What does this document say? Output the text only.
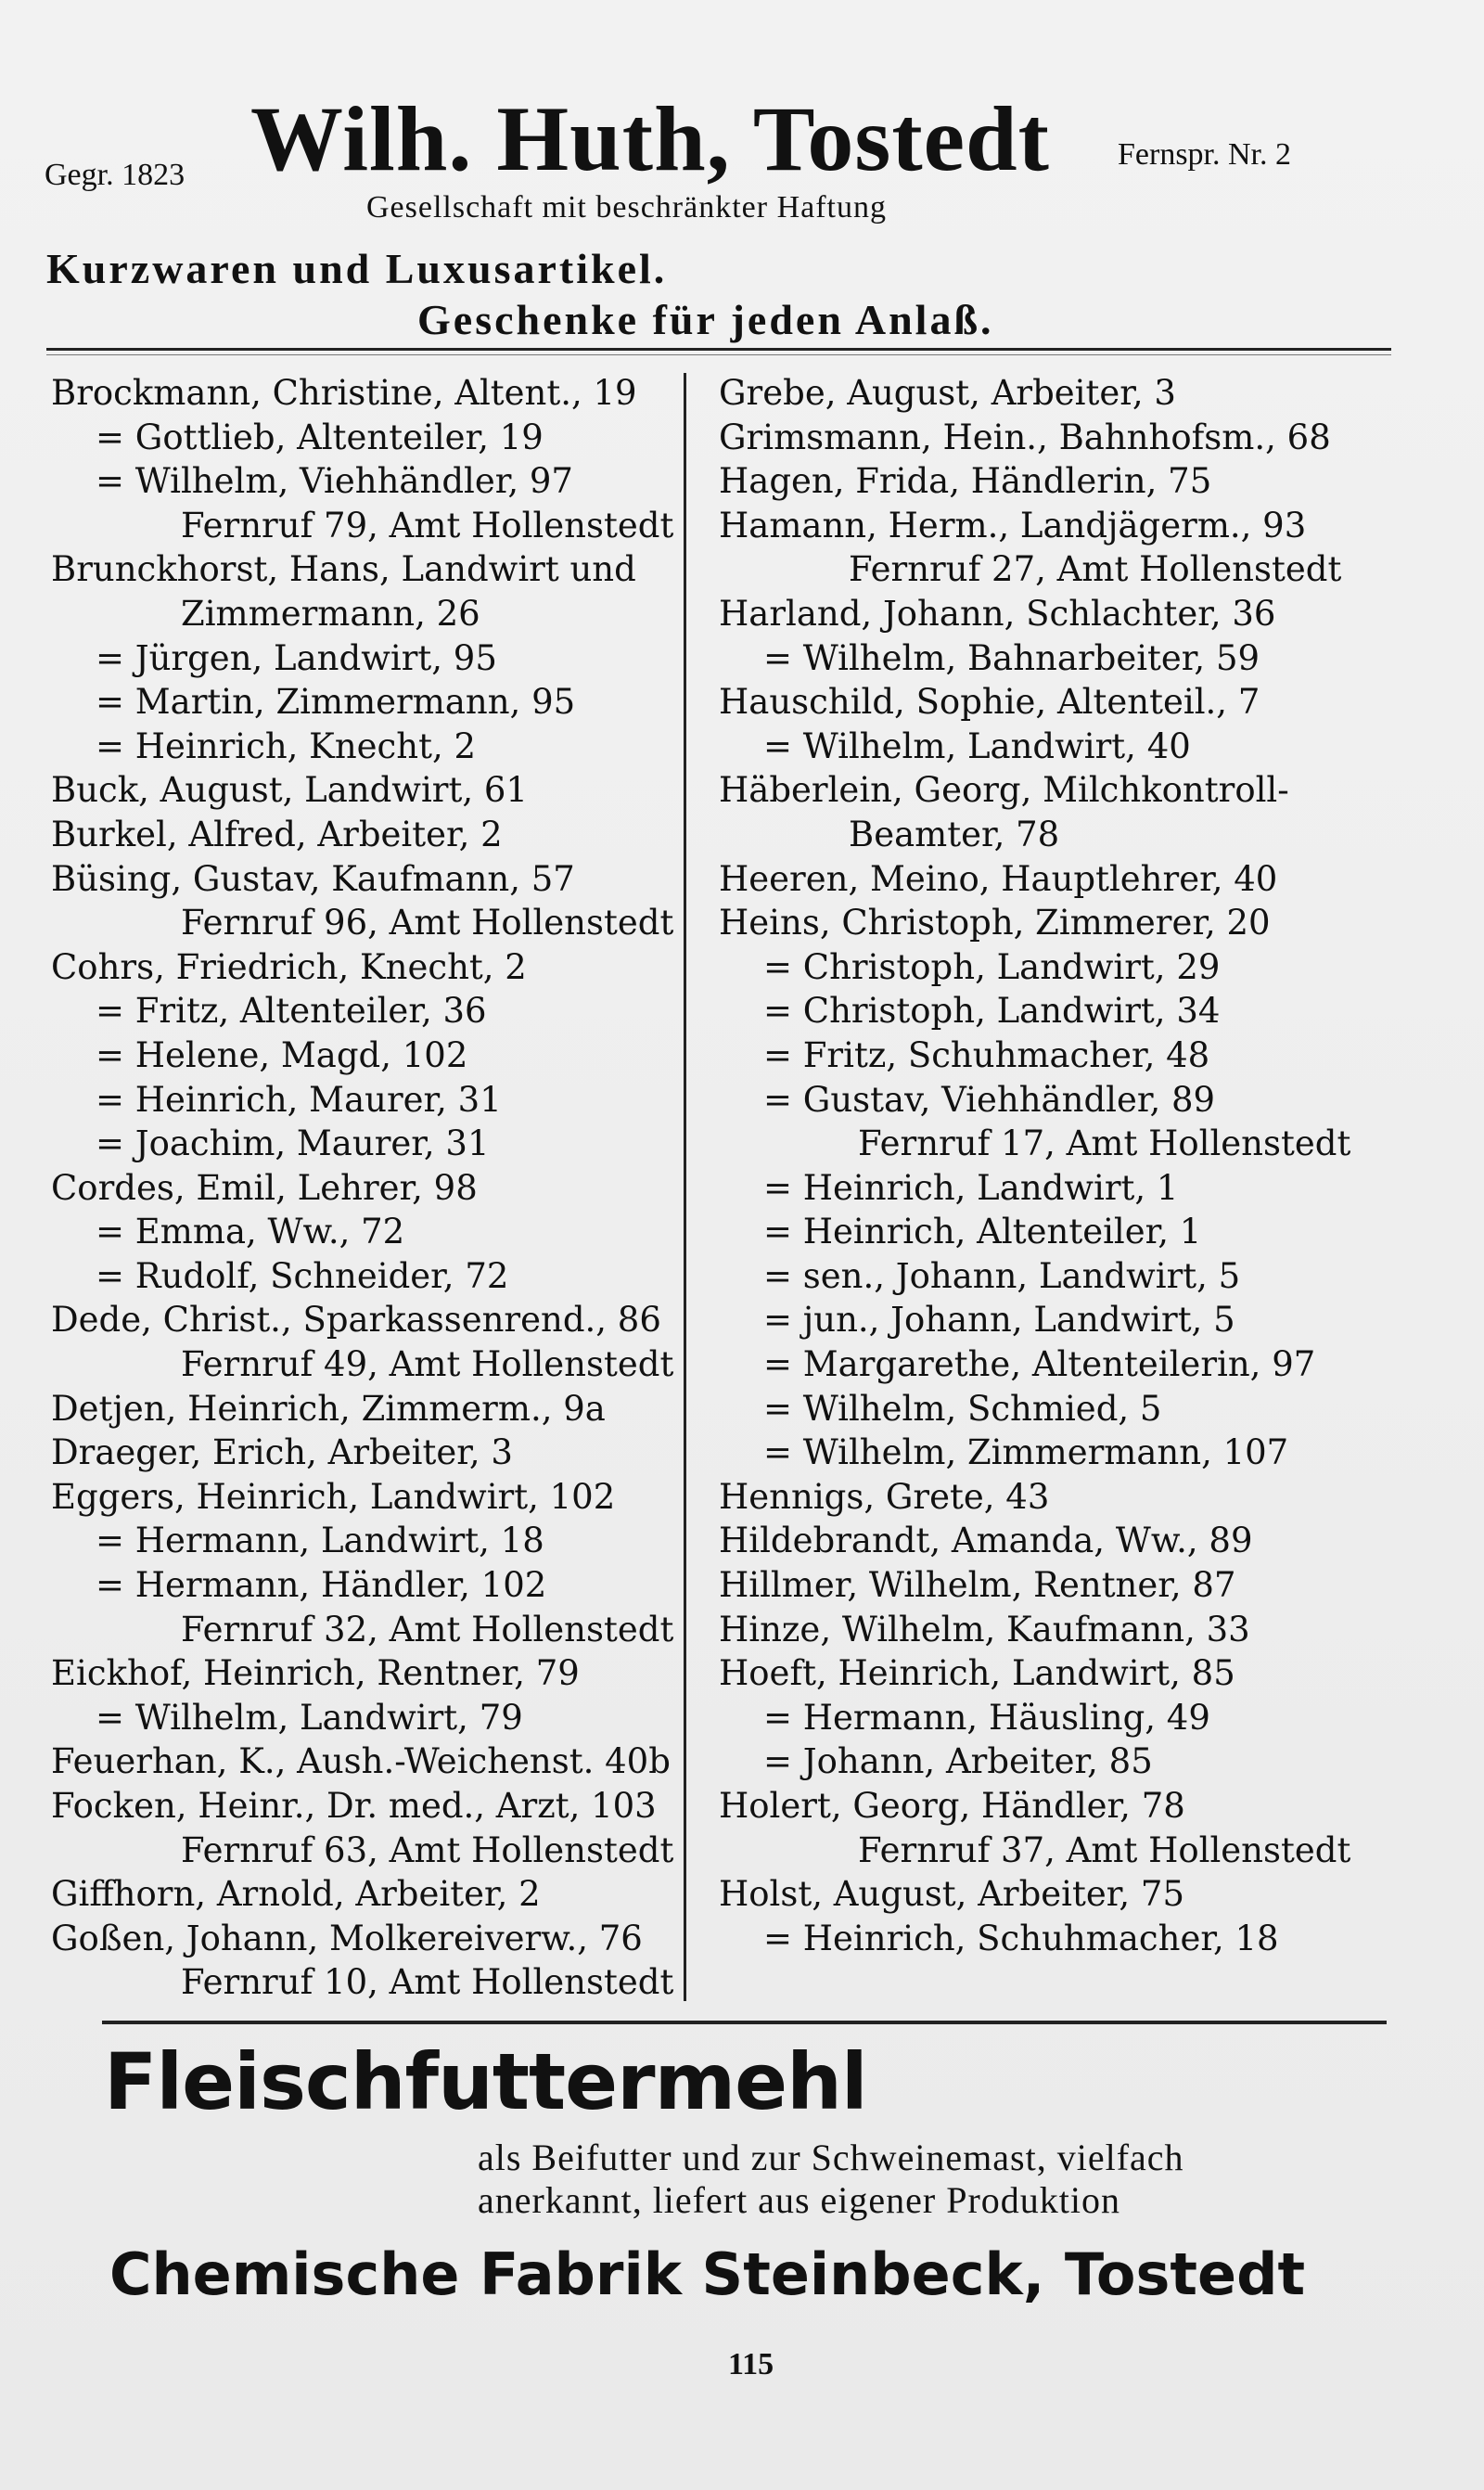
Gegr. 1823 Wilh. Huth, Tostedt Fernspr. Nr. 2
Gesellschaft mit beschränkter Haftung
Kurzwaren und Luxusartikel.
Geschenke für jeden Anlaß.
Brockmann, Christine, Altent., 19
= Gottlieb, Altenteiler, 19
= Wilhelm, Viehhändler, 97
Fernruf 79, Amt Hollenstedt
Brunckhorst, Hans, Landwirt und
Zimmermann, 26
= Jürgen, Landwirt, 95
= Martin, Zimmermann, 95
= Heinrich, Knecht, 2
Buck, August, Landwirt, 61
Burkel, Alfred, Arbeiter, 2
Büsing, Gustav, Kaufmann, 57
Fernruf 96, Amt Hollenstedt
Cohrs, Friedrich, Knecht, 2
= Fritz, Altenteiler, 36
= Helene, Magd, 102
= Heinrich, Maurer, 31
= Joachim, Maurer, 31
Cordes, Emil, Lehrer, 98
= Emma, Ww., 72
= Rudolf, Schneider, 72
Dede, Christ., Sparkassenrend., 86
Fernruf 49, Amt Hollenstedt
Detjen, Heinrich, Zimmerm., 9a
Draeger, Erich, Arbeiter, 3
Eggers, Heinrich, Landwirt, 102
= Hermann, Landwirt, 18
= Hermann, Händler, 102
Fernruf 32, Amt Hollenstedt
Eickhof, Heinrich, Rentner, 79
= Wilhelm, Landwirt, 79
Feuerhan, K., Aush.-Weichenst. 40b
Focken, Heinr., Dr. med., Arzt, 103
Fernruf 63, Amt Hollenstedt
Giffhorn, Arnold, Arbeiter, 2
Goßen, Johann, Molkereiverw., 76
Fernruf 10, Amt Hollenstedt
Grebe, August, Arbeiter, 3
Grimsmann, Hein., Bahnhofsm., 68
Hagen, Frida, Händlerin, 75
Hamann, Herm., Landjägerm., 93
Fernruf 27, Amt Hollenstedt
Harland, Johann, Schlachter, 36
= Wilhelm, Bahnarbeiter, 59
Hauschild, Sophie, Altenteil., 7
= Wilhelm, Landwirt, 40
Häberlein, Georg, Milchkontroll-
Beamter, 78
Heeren, Meino, Hauptlehrer, 40
Heins, Christoph, Zimmerer, 20
= Christoph, Landwirt, 29
= Christoph, Landwirt, 34
= Fritz, Schuhmacher, 48
= Gustav, Viehhändler, 89
Fernruf 17, Amt Hollenstedt
= Heinrich, Landwirt, 1
= Heinrich, Altenteiler, 1
= sen., Johann, Landwirt, 5
= jun., Johann, Landwirt, 5
= Margarethe, Altenteilerin, 97
= Wilhelm, Schmied, 5
= Wilhelm, Zimmermann, 107
Hennigs, Grete, 43
Hildebrandt, Amanda, Ww., 89
Hillmer, Wilhelm, Rentner, 87
Hinze, Wilhelm, Kaufmann, 33
Hoeft, Heinrich, Landwirt, 85
= Hermann, Häusling, 49
= Johann, Arbeiter, 85
Holert, Georg, Händler, 78
Fernruf 37, Amt Hollenstedt
Holst, August, Arbeiter, 75
= Heinrich, Schuhmacher, 18
Fleischfuttermehl
als Beifutter und zur Schweinemast, vielfach
anerkannt, liefert aus eigener Produktion
Chemische Fabrik Steinbeck, Tostedt
115
